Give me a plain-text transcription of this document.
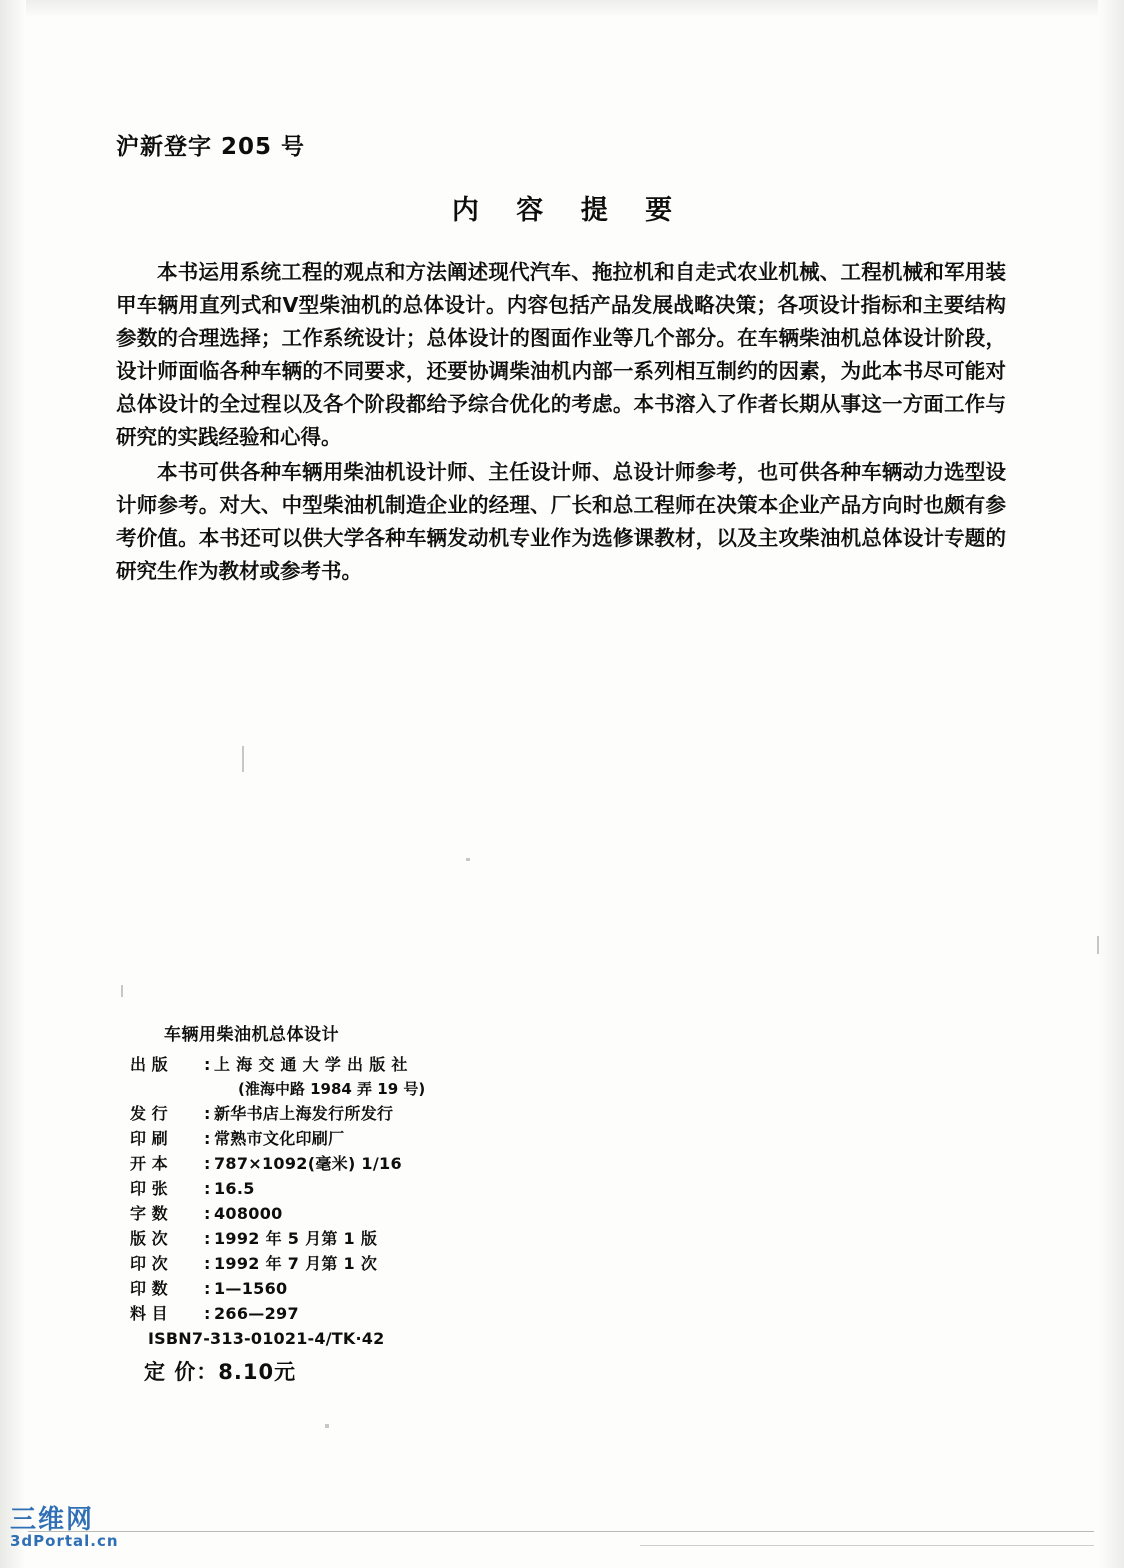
沪新登字 205 号
内 容 提 要

本书运用系统工程的观点和方法阐述现代汽车、拖拉机和自走式农业机械、工程机械和军用装甲车辆用直列式和V型柴油机的总体设计。内容包括产品发展战略决策；各项设计指标和主要结构参数的合理选择；工作系统设计；总体设计的图面作业等几个部分。在车辆柴油机总体设计阶段，设计师面临各种车辆的不同要求，还要协调柴油机内部一系列相互制约的因素，为此本书尽可能对总体设计的全过程以及各个阶段都给予综合优化的考虑。本书溶入了作者长期从事这一方面工作与研究的实践经验和心得。

本书可供各种车辆用柴油机设计师、主任设计师、总设计师参考，也可供各种车辆动力选型设计师参考。对大、中型柴油机制造企业的经理、厂长和总工程师在决策本企业产品方向时也颇有参考价值。本书还可以供大学各种车辆发动机专业作为选修课教材，以及主攻柴油机总体设计专题的研究生作为教材或参考书。

车辆用柴油机总体设计
出 版	: 上 海 交 通 大 学 出 版 社
(淮海中路 1984 弄 19 号)
发 行	: 新华书店上海发行所发行
印 刷	: 常熟市文化印刷厂
开 本	: 787×1092(毫米) 1/16
印 张	: 16.5
字 数	: 408000
版 次	: 1992 年 5 月第 1 版
印 次	: 1992 年 7 月第 1 次
印 数	: 1—1560
料 目	: 266—297
ISBN7-313-01021-4/TK·42
定 价：8.10元
三维网
3dPortal.cn
